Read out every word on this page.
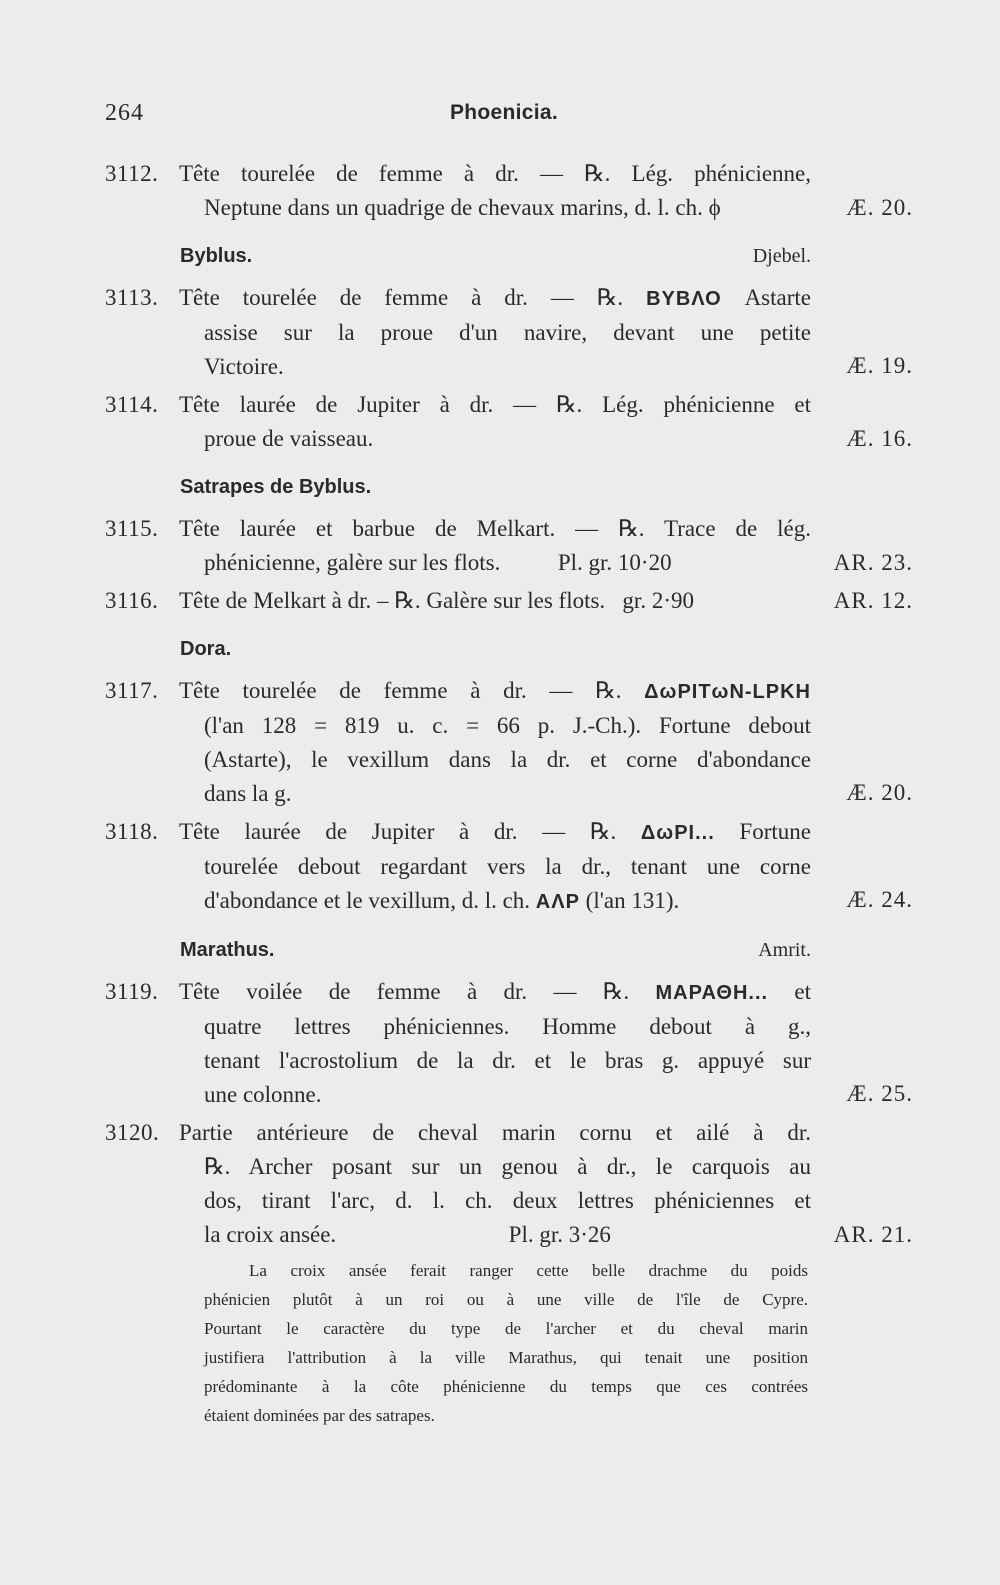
264	Phoenicia.
3112. Tête tourelée de femme à dr. — ℞. Lég. phénicienne,
Neptune dans un quadrige de chevaux marins, d. l. ch. ϕ	Æ. 20.
Byblus.	Djebel.
3113. Tête tourelée de femme à dr. — ℞. ΒΥΒΛΟ Astarte
assise sur la proue d'un navire, devant une petite
Victoire.	Æ. 19.
3114. Tête laurée de Jupiter à dr. — ℞. Lég. phénicienne et
proue de vaisseau.	Æ. 16.
Satrapes de Byblus.
3115. Tête laurée et barbue de Melkart. — ℞. Trace de lég.
phénicienne, galère sur les flots.          Pl. gr. 10·20	AR. 23.
3116. Tête de Melkart à dr. – ℞. Galère sur les flots.   gr. 2·90	AR. 12.
Dora.
3117. Tête tourelée de femme à dr. — ℞. ΔωΡΙΤωΝ-LΡΚΗ
(l'an 128 = 819 u. c. = 66 p. J.-Ch.). Fortune debout
(Astarte), le vexillum dans la dr. et corne d'abondance
dans la g.	Æ. 20.
3118. Tête laurée de Jupiter à dr. — ℞. ΔωΡΙ... Fortune
tourelée debout regardant vers la dr., tenant une corne
d'abondance et le vexillum, d. l. ch. ΑΛΡ (l'an 131).	Æ. 24.
Marathus.	Amrit.
3119. Tête voilée de femme à dr. — ℞. ΜΑΡΑΘΗ... et
quatre lettres phéniciennes. Homme debout à g.,
tenant l'acrostolium de la dr. et le bras g. appuyé sur
une colonne.	Æ. 25.
3120. Partie antérieure de cheval marin cornu et ailé à dr.
℞. Archer posant sur un genou à dr., le carquois au
dos, tirant l'arc, d. l. ch. deux lettres phéniciennes et
la croix ansée.                              Pl. gr. 3·26	AR. 21.
La croix ansée ferait ranger cette belle drachme du poids
phénicien plutôt à un roi ou à une ville de l'île de Cypre.
Pourtant le caractère du type de l'archer et du cheval marin
justifiera l'attribution à la ville Marathus, qui tenait une position
prédominante à la côte phénicienne du temps que ces contrées
étaient dominées par des satrapes.
